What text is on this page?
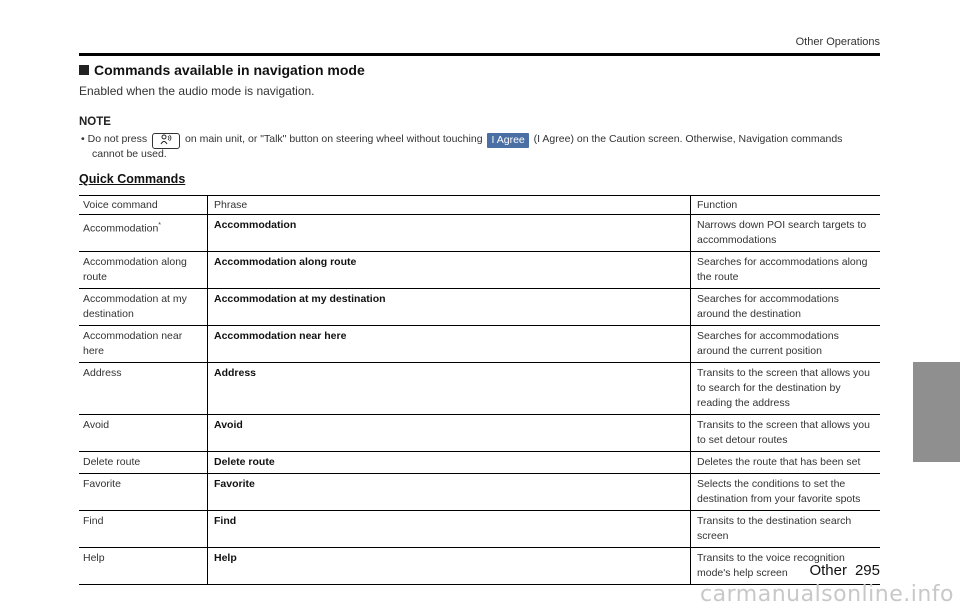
Other Operations
Commands available in navigation mode
Enabled when the audio mode is navigation.
NOTE
• Do not press	on main unit, or "Talk" button on steering wheel without touching I Agree (I Agree) on the Caution screen. Otherwise, Navigation commands
cannot be used.
Quick Commands
Voice command	Phrase	Function
Accommodation*	Accommodation	Narrows down POI search targets to accommodations
Accommodation along route	Accommodation along route	Searches for accommodations along the route
Accommodation at my destination	Accommodation at my destination	Searches for accommodations around the destination
Accommodation near here	Accommodation near here	Searches for accommodations around the current position
Address	Address	Transits to the screen that allows you to search for the destination by reading the address
Avoid	Avoid	Transits to the screen that allows you to set detour routes
Delete route	Delete route	Deletes the route that has been set
Favorite	Favorite	Selects the conditions to set the destination from your favorite spots
Find	Find	Transits to the destination search screen
Help	Help	Transits to the voice recognition mode's help screen	Other 295
carmanualsonline.info
